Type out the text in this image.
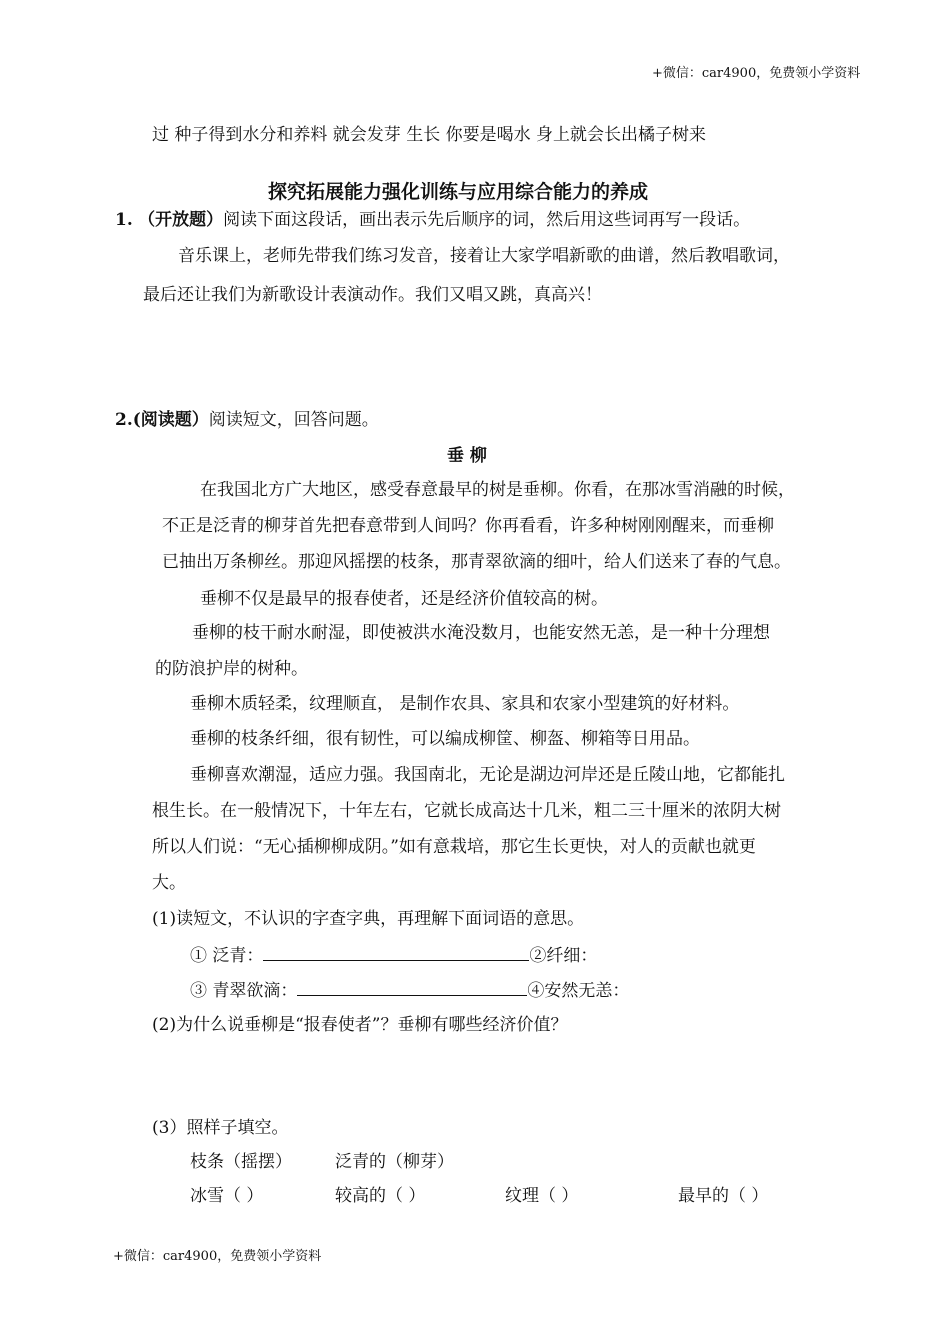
+微信：car4900，免费领小学资料
过 种子得到水分和养料 就会发芽 生长 你要是喝水 身上就会长出橘子树来
探究拓展能力强化训练与应用综合能力的养成
1. （开放题）阅读下面这段话，画出表示先后顺序的词，然后用这些词再写一段话。
音乐课上，老师先带我们练习发音，接着让大家学唱新歌的曲谱，然后教唱歌词，
最后还让我们为新歌设计表演动作。我们又唱又跳，真高兴！
2.(阅读题）阅读短文，回答问题。
垂 柳
在我国北方广大地区，感受春意最早的树是垂柳。你看，在那冰雪消融的时候，
不正是泛青的柳芽首先把春意带到人间吗？你再看看，许多种树刚刚醒来，而垂柳
已抽出万条柳丝。那迎风摇摆的枝条，那青翠欲滴的细叶，给人们送来了春的气息。
垂柳不仅是最早的报春使者，还是经济价值较高的树。
垂柳的枝干耐水耐湿，即使被洪水淹没数月，也能安然无恙，是一种十分理想
的防浪护岸的树种。
垂柳木质轻柔，纹理顺直， 是制作农具、家具和农家小型建筑的好材料。
垂柳的枝条纤细，很有韧性，可以编成柳筐、柳盔、柳箱等日用品。
垂柳喜欢潮湿，适应力强。我国南北，无论是湖边河岸还是丘陵山地，它都能扎
根生长。在一般情况下，十年左右，它就长成高达十几米，粗二三十厘米的浓阴大树
所以人们说：“无心插柳柳成阴。”如有意栽培，那它生长更快，对人的贡献也就更
大。
(1)读短文，不认识的字查字典，再理解下面词语的意思。
① 泛青：	②纤细：
③ 青翠欲滴：	④安然无恙：
(2)为什么说垂柳是“报春使者”？垂柳有哪些经济价值？
(3）照样子填空。
枝条（摇摆）	泛青的（柳芽）
冰雪（ ）	较高的（ ）	纹理（ ）	最早的（ ）
+微信：car4900，免费领小学资料
